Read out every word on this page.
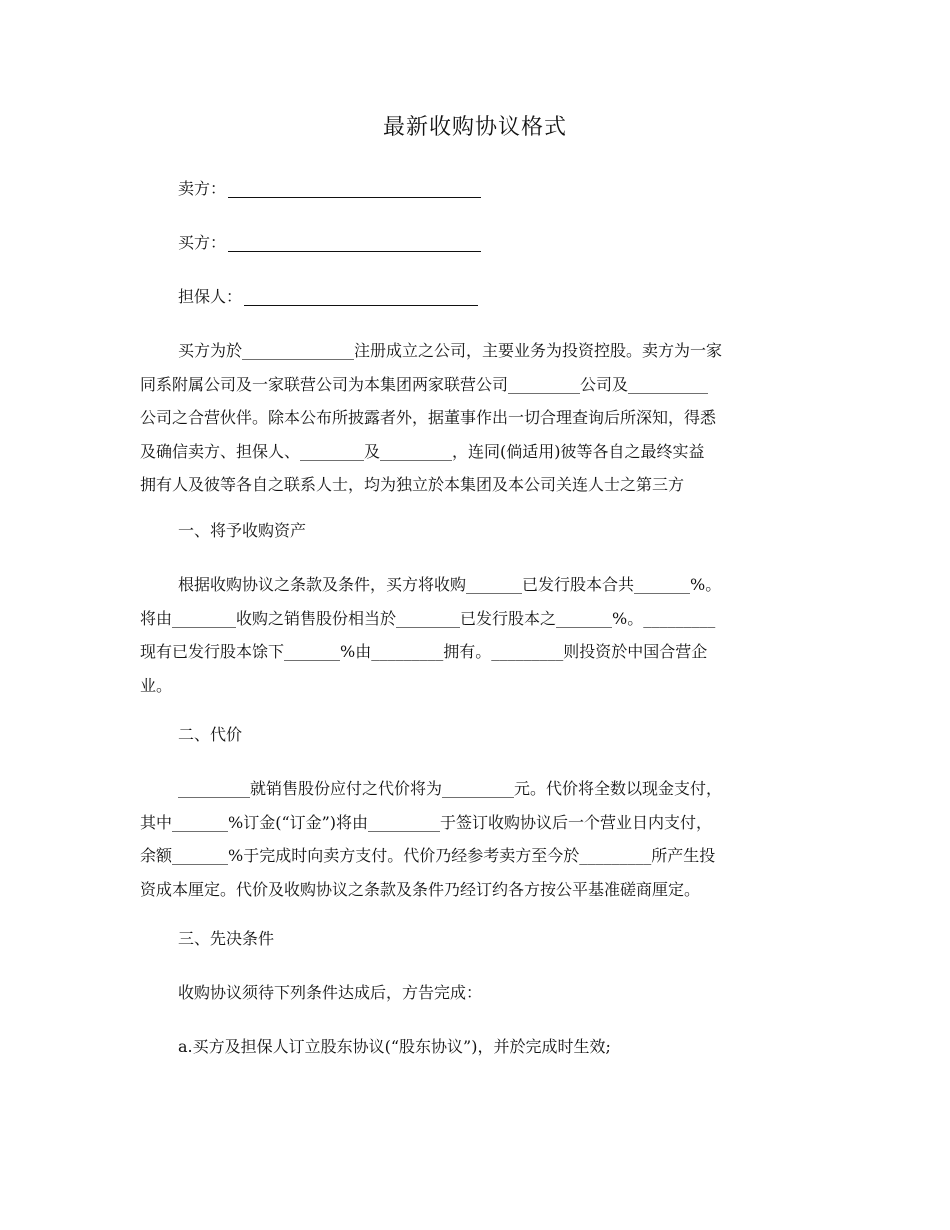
最新收购协议格式
卖方：
买方：
担保人：
买方为於______________注册成立之公司，主要业务为投资控股。卖方为一家
同系附属公司及一家联营公司为本集团两家联营公司_________公司及__________
公司之合营伙伴。除本公布所披露者外，据董事作出一切合理查询后所深知，得悉
及确信卖方、担保人、________及_________，连同(倘适用)彼等各自之最终实益
拥有人及彼等各自之联系人士，均为独立於本集团及本公司关连人士之第三方
一、将予收购资产
根据收购协议之条款及条件，买方将收购_______已发行股本合共_______%。
将由________收购之销售股份相当於________已发行股本之_______%。_________
现有已发行股本馀下_______%由_________拥有。_________则投资於中国合营企
业。
二、代价
_________就销售股份应付之代价将为_________元。代价将全数以现金支付，
其中_______%订金(“订金”)将由_________于签订收购协议后一个营业日内支付，
余额_______%于完成时向卖方支付。代价乃经参考卖方至今於_________所产生投
资成本厘定。代价及收购协议之条款及条件乃经订约各方按公平基准磋商厘定。
三、先决条件
收购协议须待下列条件达成后，方告完成：
a.买方及担保人订立股东协议(“股东协议”)，并於完成时生效;
